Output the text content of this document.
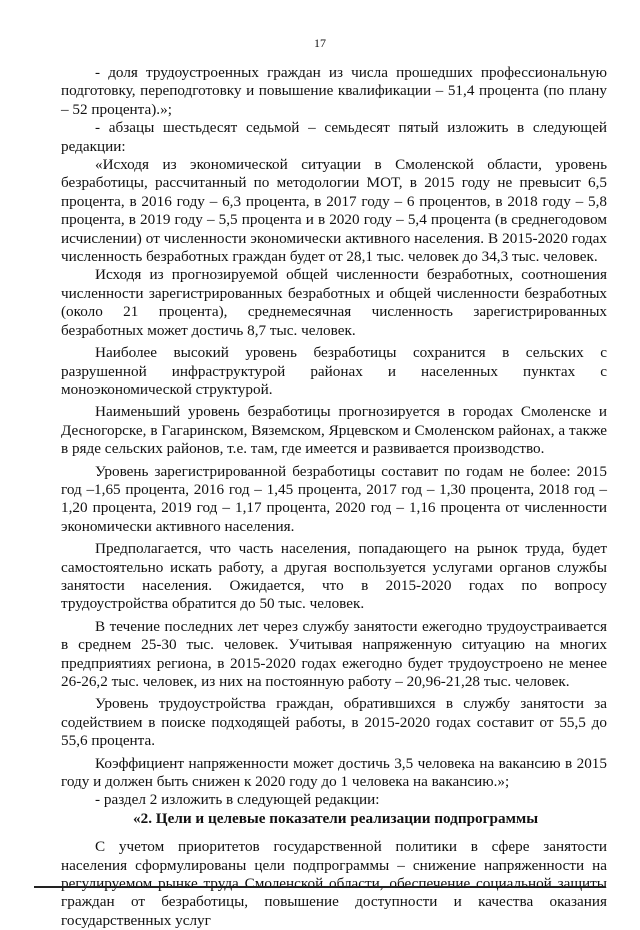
17

- доля трудоустроенных граждан из числа прошедших профессиональную подготовку, переподготовку и повышение квалификации – 51,4 процента (по плану – 52 процента).»;

- абзацы шестьдесят седьмой – семьдесят пятый изложить в следующей редакции:

«Исходя из экономической ситуации в Смоленской области, уровень безработицы, рассчитанный по методологии МОТ, в 2015 году не превысит 6,5 процента, в 2016 году – 6,3 процента, в 2017 году – 6 процентов, в 2018 году – 5,8 процента, в 2019 году – 5,5 процента и в 2020 году – 5,4 процента (в среднегодовом исчислении) от численности экономически активного населения. В 2015-2020 годах численность безработных граждан будет от 28,1 тыс. человек до 34,3 тыс. человек.

Исходя из прогнозируемой общей численности безработных, соотношения численности зарегистрированных безработных и общей численности безработных (около 21 процента), среднемесячная численность зарегистрированных безработных может достичь 8,7 тыс. человек.

Наиболее высокий уровень безработицы сохранится в сельских с разрушенной инфраструктурой районах и населенных пунктах с моноэкономической структурой.

Наименьший уровень безработицы прогнозируется в городах Смоленске и Десногорске, в Гагаринском, Вяземском, Ярцевском и Смоленском районах, а также в ряде сельских районов, т.е. там, где имеется и развивается производство.

Уровень зарегистрированной безработицы составит по годам не более: 2015 год –1,65 процента, 2016 год – 1,45 процента, 2017 год – 1,30 процента, 2018 год – 1,20 процента, 2019 год – 1,17 процента, 2020 год – 1,16 процента от численности экономически активного населения.

Предполагается, что часть населения, попадающего на рынок труда, будет самостоятельно искать работу, а другая воспользуется услугами органов службы занятости населения. Ожидается, что в 2015-2020 годах по вопросу трудоустройства обратится до 50 тыс. человек.

В течение последних лет через службу занятости ежегодно трудоустраивается в среднем 25-30 тыс. человек. Учитывая напряженную ситуацию на многих предприятиях региона, в 2015-2020 годах ежегодно будет трудоустроено не менее 26-26,2 тыс. человек, из них на постоянную работу – 20,96-21,28 тыс. человек.

Уровень трудоустройства граждан, обратившихся в службу занятости за содействием в поиске подходящей работы, в 2015-2020 годах составит от 55,5 до 55,6 процента.

Коэффициент напряженности может достичь 3,5 человека на вакансию в 2015 году и должен быть снижен к 2020 году до 1 человека на вакансию.»;

- раздел 2 изложить в следующей редакции:

«2. Цели и целевые показатели реализации подпрограммы

С учетом приоритетов государственной политики в сфере занятости населения сформулированы цели подпрограммы – снижение напряженности на регулируемом рынке труда Смоленской области, обеспечение социальной защиты граждан от безработицы, повышение доступности и качества оказания государственных услуг
